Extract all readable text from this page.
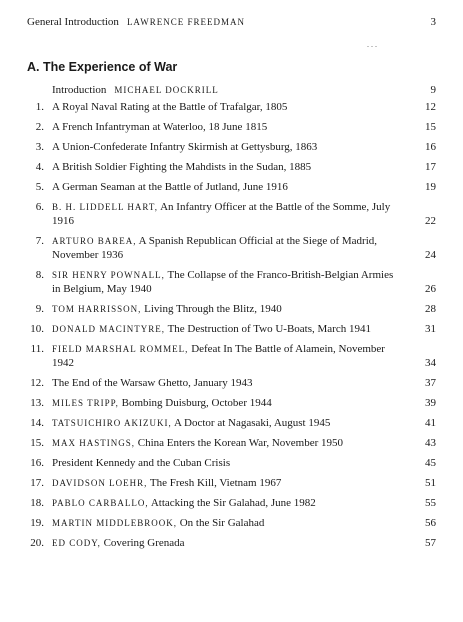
General Introduction LAWRENCE FREEDMAN	3
. . .
A. The Experience of War
Introduction MICHAEL DOCKRILL	9
1. A Royal Naval Rating at the Battle of Trafalgar, 1805	12
2. A French Infantryman at Waterloo, 18 June 1815	15
3. A Union-Confederate Infantry Skirmish at Gettysburg, 1863	16
4. A British Soldier Fighting the Mahdists in the Sudan, 1885	17
5. A German Seaman at the Battle of Jutland, June 1916	19
6. B. H. LIDDELL HART, An Infantry Officer at the Battle of the Somme, July 1916	22
7. ARTURO BAREA, A Spanish Republican Official at the Siege of Madrid, November 1936	24
8. SIR HENRY POWNALL, The Collapse of the Franco-British-Belgian Armies in Belgium, May 1940	26
9. TOM HARRISSON, Living Through the Blitz, 1940	28
10. DONALD MACINTYRE, The Destruction of Two U-Boats, March 1941	31
11. FIELD MARSHAL ROMMEL, Defeat In The Battle of Alamein, November 1942	34
12. The End of the Warsaw Ghetto, January 1943	37
13. MILES TRIPP, Bombing Duisburg, October 1944	39
14. TATSUICHIRO AKIZUKI, A Doctor at Nagasaki, August 1945	41
15. MAX HASTINGS, China Enters the Korean War, November 1950	43
16. President Kennedy and the Cuban Crisis	45
17. DAVIDSON LOEHR, The Fresh Kill, Vietnam 1967	51
18. PABLO CARBALLO, Attacking the Sir Galahad, June 1982	55
19. MARTIN MIDDLEBROOK, On the Sir Galahad	56
20. ED CODY, Covering Grenada	57
